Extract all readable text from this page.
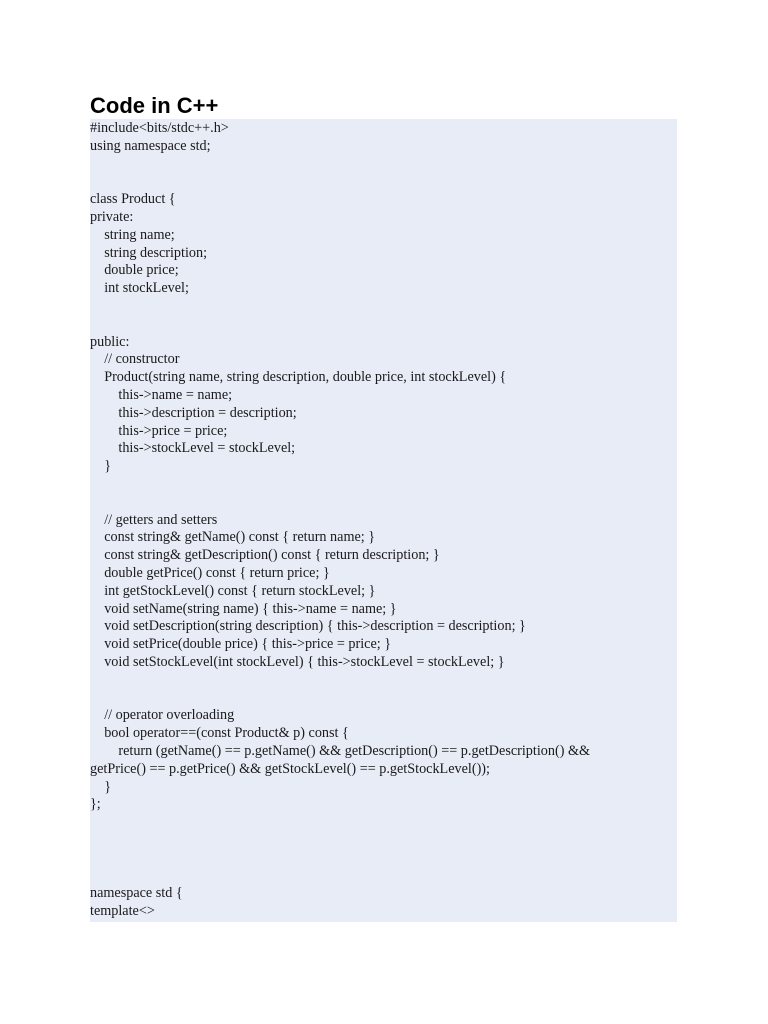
Code in C++
#include<bits/stdc++.h>
using namespace std;
class Product {
private:
string name;
string description;
double price;
int stockLevel;
public:
// constructor
Product(string name, string description, double price, int stockLevel) {
this->name = name;
this->description = description;
this->price = price;
this->stockLevel = stockLevel;
}
// getters and setters
const string& getName() const { return name; }
const string& getDescription() const { return description; }
double getPrice() const { return price; }
int getStockLevel() const { return stockLevel; }
void setName(string name) { this->name = name; }
void setDescription(string description) { this->description = description; }
void setPrice(double price) { this->price = price; }
void setStockLevel(int stockLevel) { this->stockLevel = stockLevel; }
// operator overloading
bool operator==(const Product& p) const {
return (getName() == p.getName() && getDescription() == p.getDescription() &&
getPrice() == p.getPrice() && getStockLevel() == p.getStockLevel());
}
};
namespace std {
template<>
